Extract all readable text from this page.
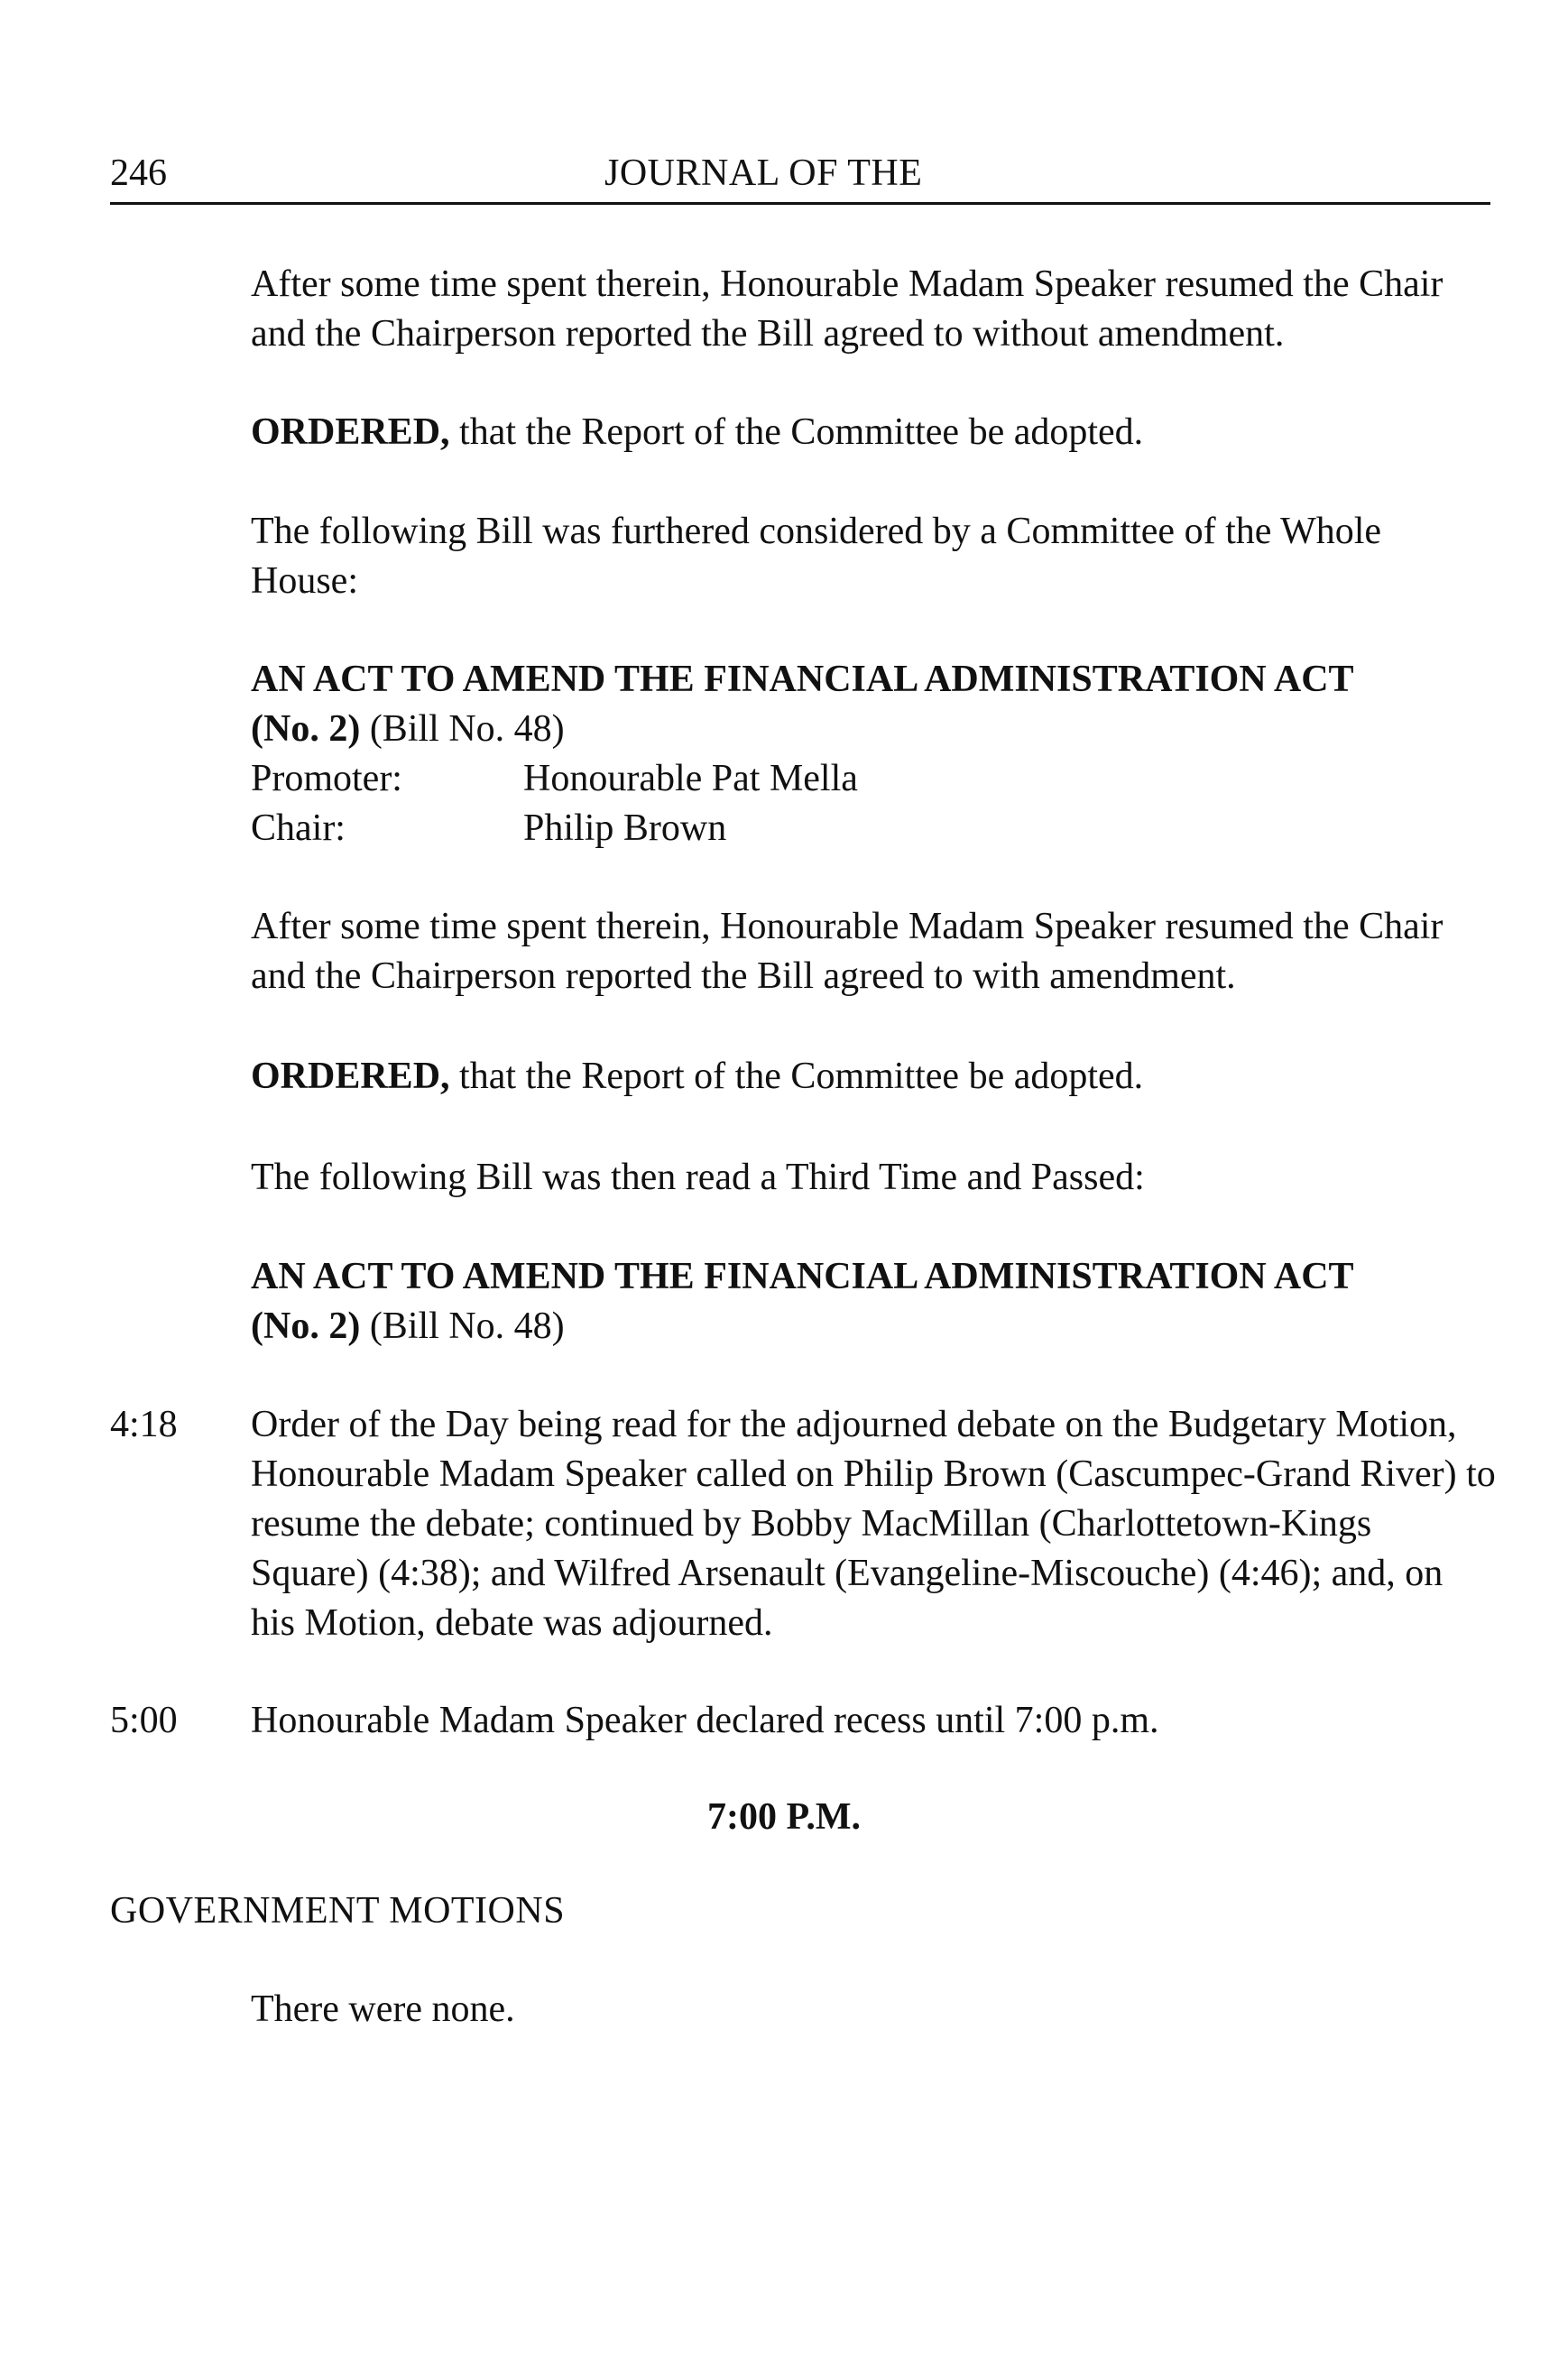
246	JOURNAL OF THE
After some time spent therein, Honourable Madam Speaker resumed the Chair and the Chairperson reported the Bill agreed to without amendment.
ORDERED, that the Report of the Committee be adopted.
The following Bill was furthered considered by a Committee of the Whole House:
AN ACT TO AMEND THE FINANCIAL ADMINISTRATION ACT
(No. 2) (Bill No. 48)
Promoter:	Honourable Pat Mella
Chair:	Philip Brown
After some time spent therein, Honourable Madam Speaker resumed the Chair and the Chairperson reported the Bill agreed to with amendment.
ORDERED, that the Report of the Committee be adopted.
The following Bill was then read a Third Time and Passed:
AN ACT TO AMEND THE FINANCIAL ADMINISTRATION ACT
(No. 2) (Bill No. 48)
4:18 Order of the Day being read for the adjourned debate on the Budgetary Motion, Honourable Madam Speaker called on Philip Brown (Cascumpec-Grand River) to resume the debate; continued by Bobby MacMillan (Charlottetown-Kings Square) (4:38); and Wilfred Arsenault (Evangeline-Miscouche) (4:46); and, on his Motion, debate was adjourned.
5:00 Honourable Madam Speaker declared recess until 7:00 p.m.
7:00 P.M.
GOVERNMENT MOTIONS
There were none.
